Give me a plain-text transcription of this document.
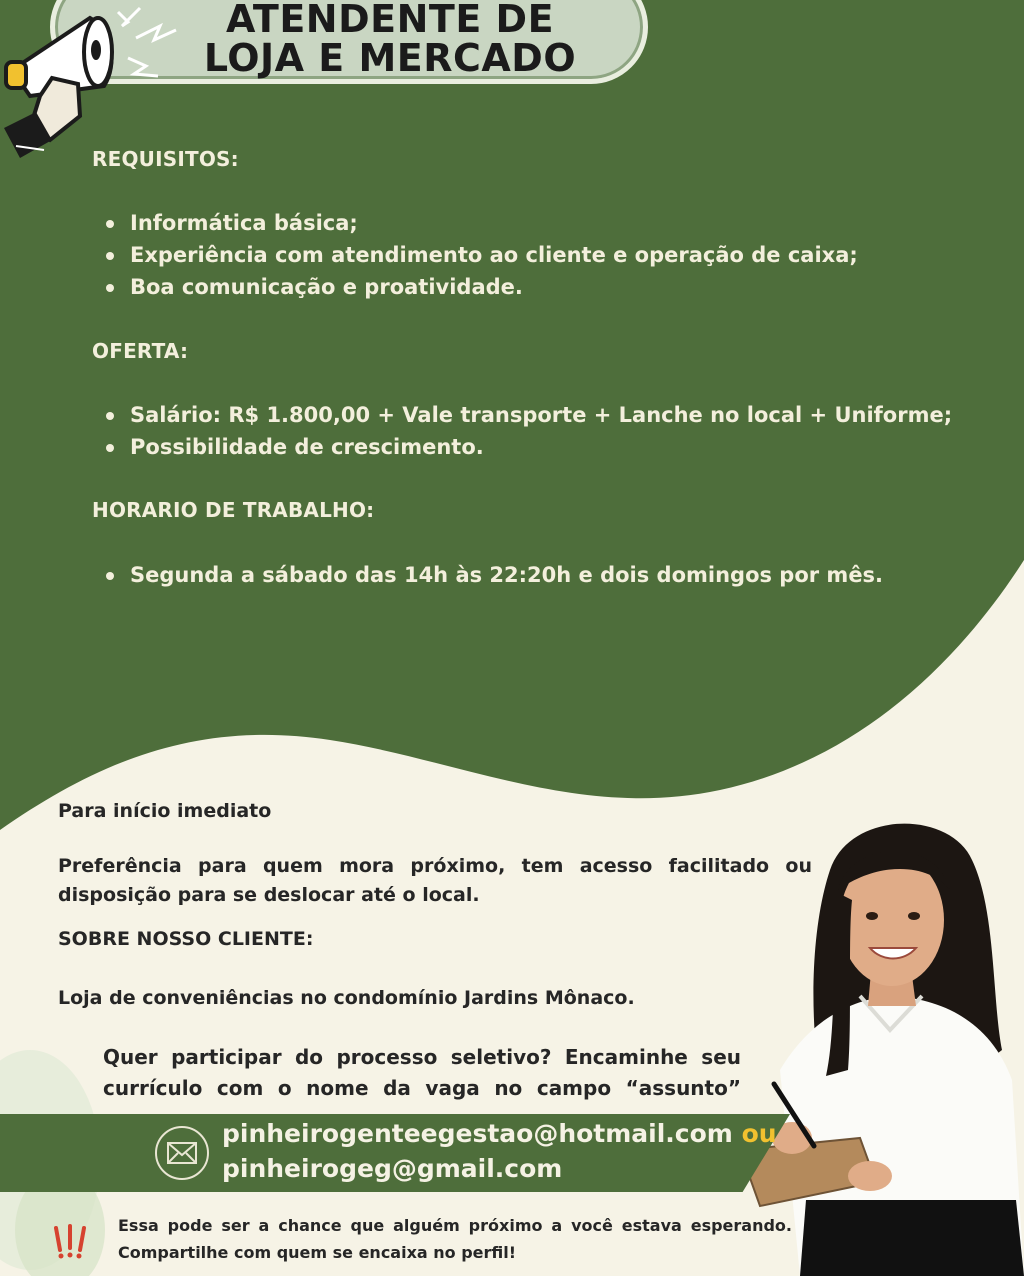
ATENDENTE DE
LOJA E MERCADO
REQUISITOS:
Informática básica;
Experiência com atendimento ao cliente e operação de caixa;
Boa comunicação e proatividade.
OFERTA:
Salário: R$ 1.800,00 + Vale transporte + Lanche no local + Uniforme;
Possibilidade de crescimento.
HORARIO DE TRABALHO:
Segunda a sábado das 14h às 22:20h e dois domingos por mês.
Para início imediato
Preferência para quem mora próximo, tem acesso facilitado ou disposição para se deslocar até o local.
SOBRE NOSSO CLIENTE:
Loja de conveniências no condomínio Jardins Mônaco.
Quer participar do processo seletivo? Encaminhe seu currículo com o nome da vaga no campo “assunto”
pinheirogenteegestao@hotmail.com ou
pinheirogeg@gmail.com
Essa pode ser a chance que alguém próximo a você estava esperando. Compartilhe com quem se encaixa no perfil!
